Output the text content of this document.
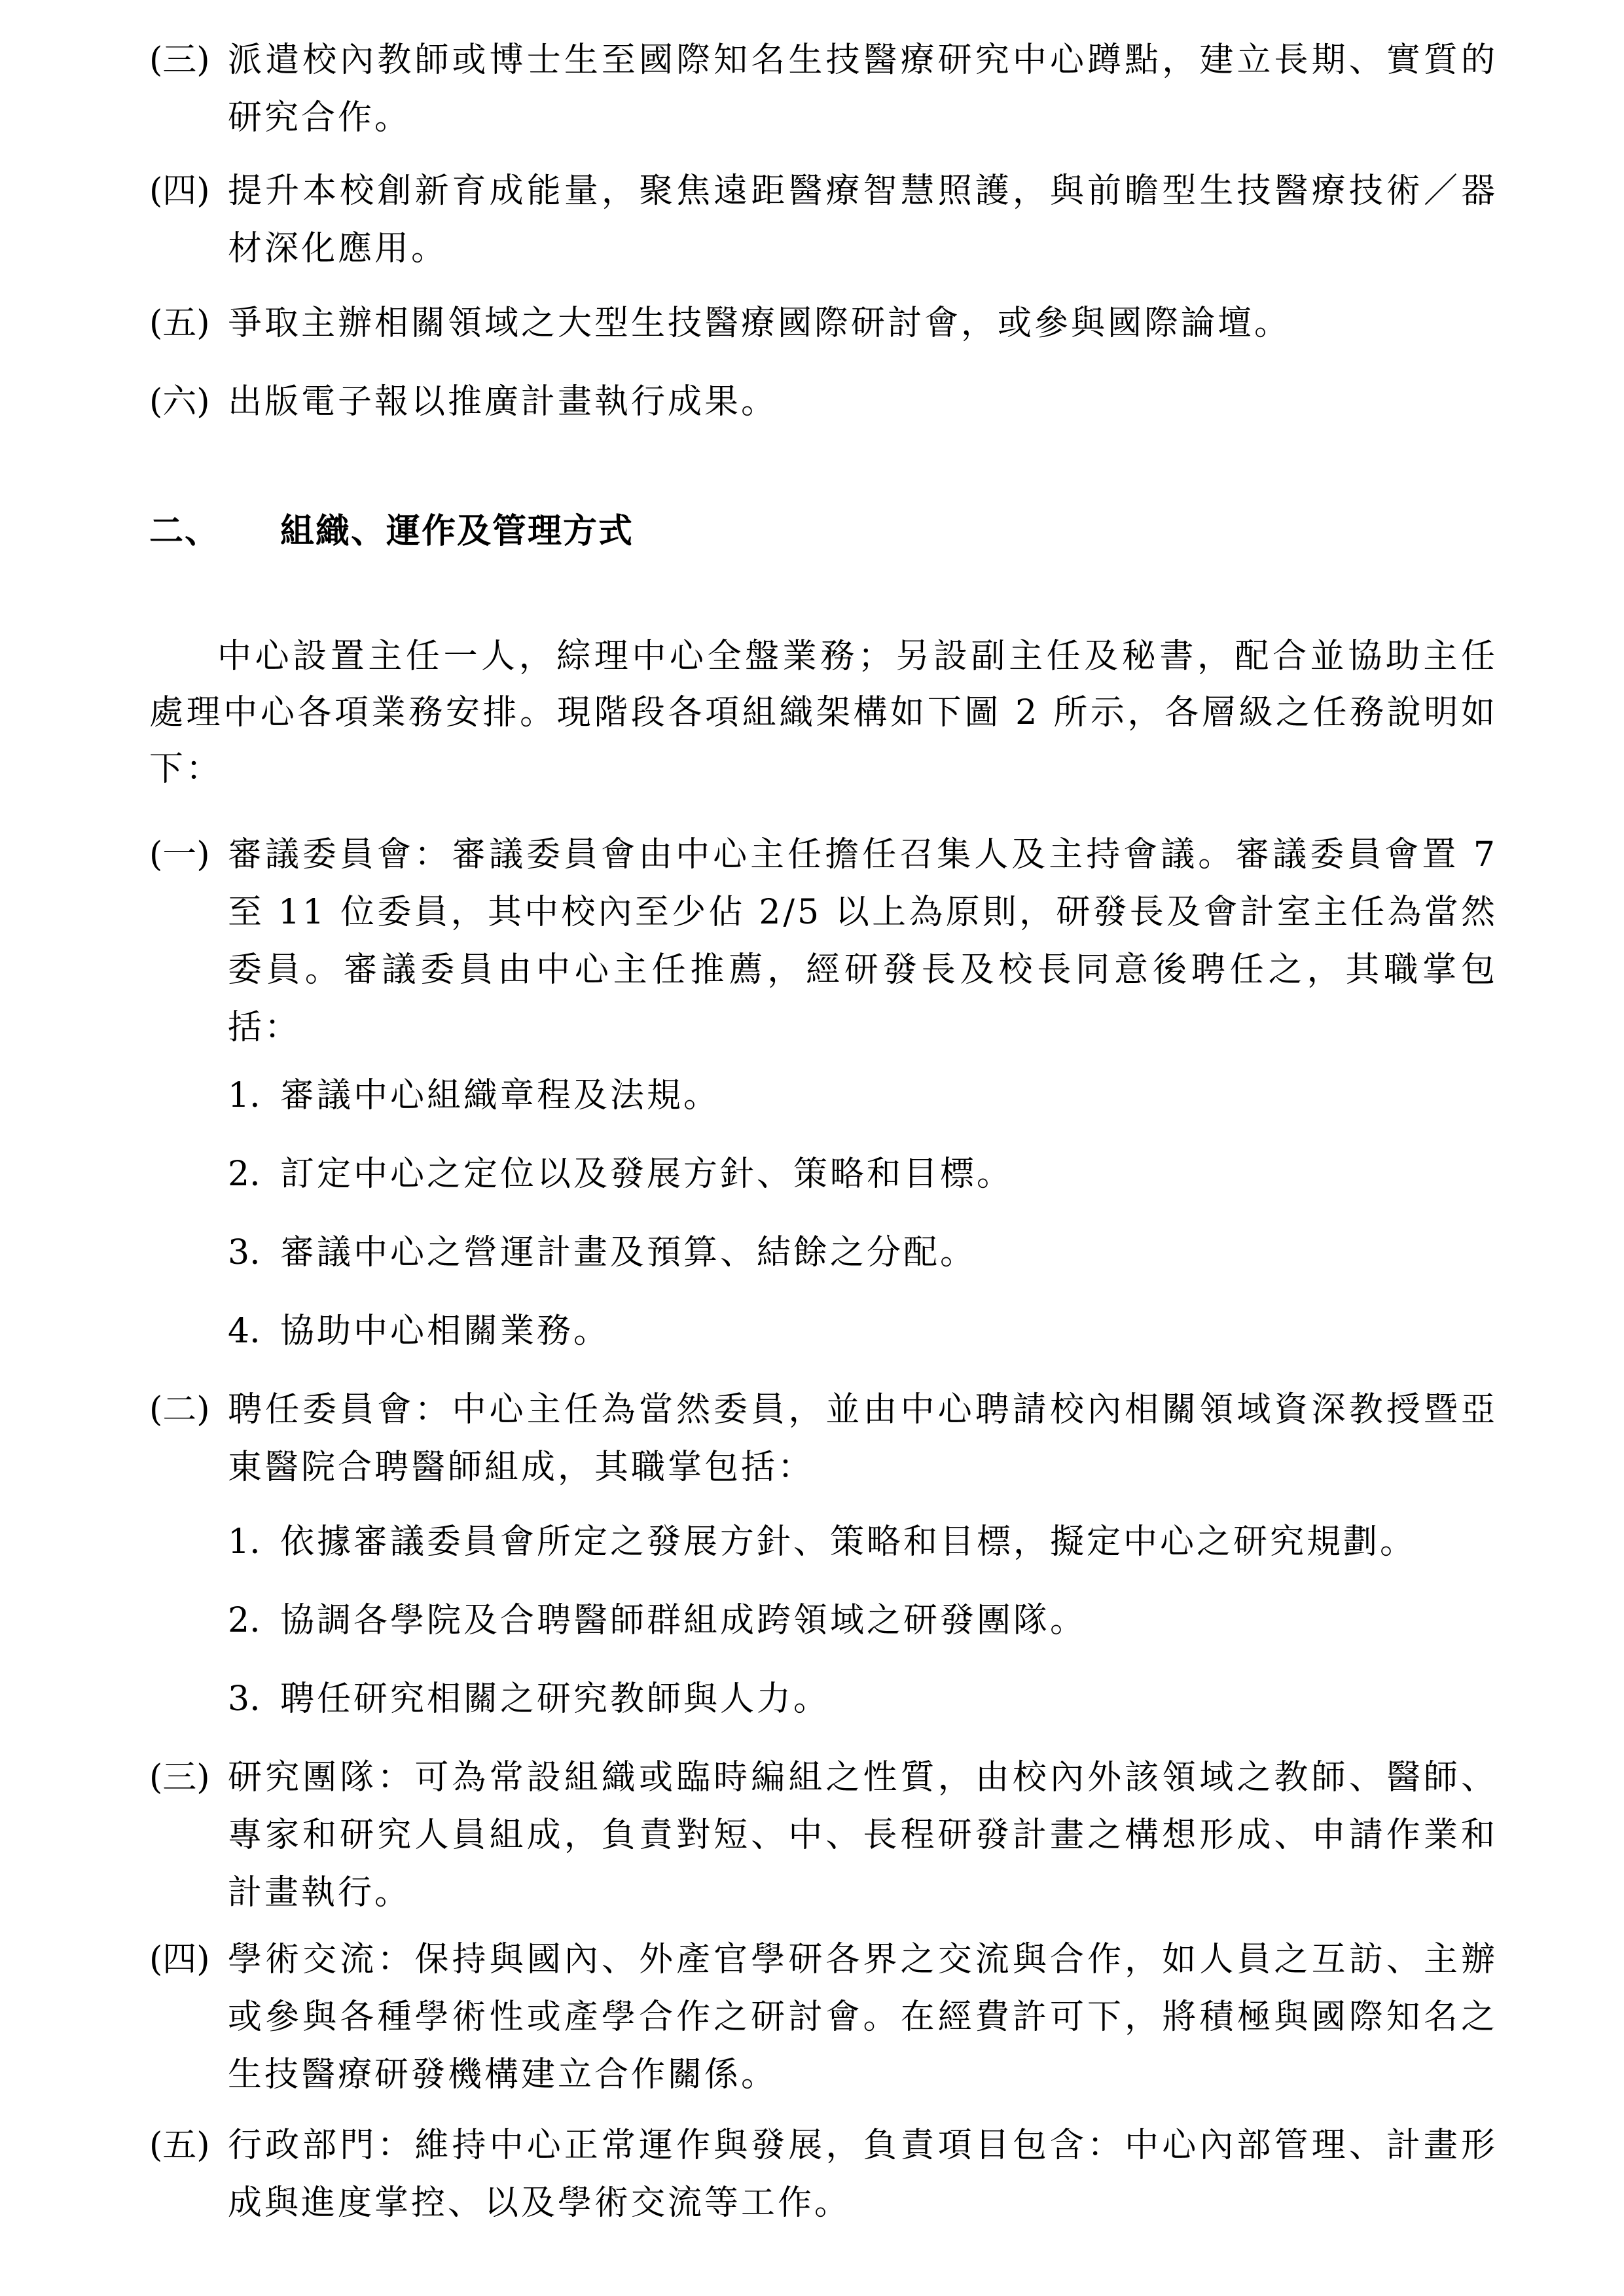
(三) 派遣校內教師或博士生至國際知名生技醫療研究中心蹲點，建立長期、實質的研究合作。
(四) 提升本校創新育成能量，聚焦遠距醫療智慧照護，與前瞻型生技醫療技術／器材深化應用。
(五) 爭取主辦相關領域之大型生技醫療國際研討會，或參與國際論壇。
(六) 出版電子報以推廣計畫執行成果。
二、	組織、運作及管理方式
中心設置主任一人，綜理中心全盤業務；另設副主任及秘書，配合並協助主任處理中心各項業務安排。現階段各項組織架構如下圖 2 所示，各層級之任務說明如下：
(一) 審議委員會：審議委員會由中心主任擔任召集人及主持會議。審議委員會置 7 至 11 位委員，其中校內至少佔 2/5 以上為原則，研發長及會計室主任為當然委員。審議委員由中心主任推薦，經研發長及校長同意後聘任之，其職掌包括：
1. 審議中心組織章程及法規。
2. 訂定中心之定位以及發展方針、策略和目標。
3. 審議中心之營運計畫及預算、結餘之分配。
4. 協助中心相關業務。
(二) 聘任委員會：中心主任為當然委員，並由中心聘請校內相關領域資深教授暨亞東醫院合聘醫師組成，其職掌包括：
1. 依據審議委員會所定之發展方針、策略和目標，擬定中心之研究規劃。
2. 協調各學院及合聘醫師群組成跨領域之研發團隊。
3. 聘任研究相關之研究教師與人力。
(三) 研究團隊：可為常設組織或臨時編組之性質，由校內外該領域之教師、醫師、專家和研究人員組成，負責對短、中、長程研發計畫之構想形成、申請作業和計畫執行。
(四) 學術交流：保持與國內、外產官學研各界之交流與合作，如人員之互訪、主辦或參與各種學術性或產學合作之研討會。在經費許可下，將積極與國際知名之生技醫療研發機構建立合作關係。
(五) 行政部門：維持中心正常運作與發展，負責項目包含：中心內部管理、計畫形成與進度掌控、以及學術交流等工作。
